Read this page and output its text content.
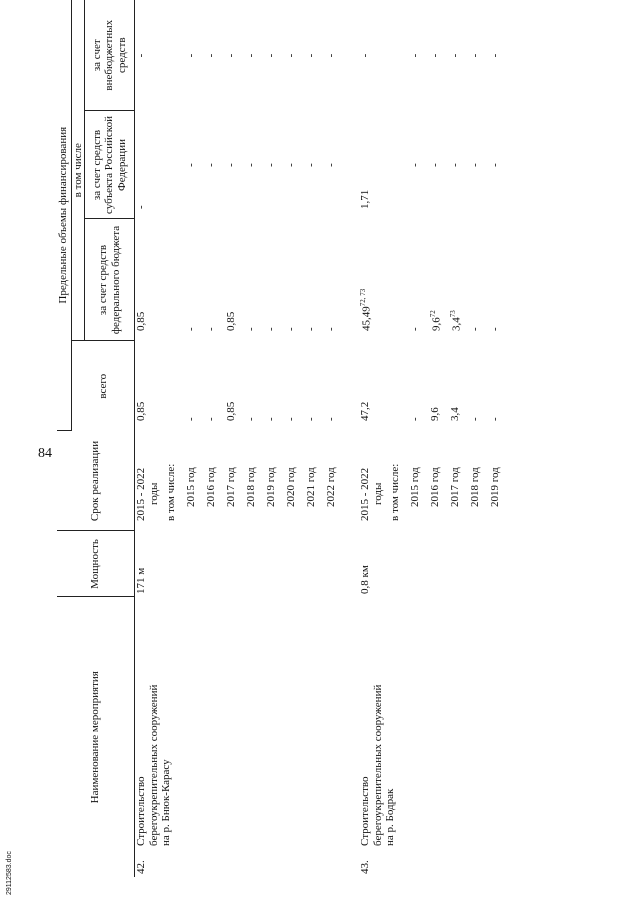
84
29112583.doc
Наименование мероприятия		Мощность	Срок реализации	Предельные объемы финансирования			
				всего	в том числе		
					за счет средств федерального бюджета	за счет средств субъекта Российской Федерации	за счет внебюджетных средств
42.	Строительство берегоукрепительных сооружений на р. Бнюк-Карасу	171 м	2015 - 2022 годы	0,85	0,85	-	-
			в том числе:				
			2015 год	-	-	-	-
			2016 год	-	-	-	-
			2017 год	0,85	0,85	-	-
			2018 год	-	-	-	-
			2019 год	-	-	-	-
			2020 год	-	-	-	-
			2021 год	-	-	-	-
			2022 год	-	-	-	-

43.	Строительство берегоукрепительных сооружений на р. Бодрак	0,8 км	2015 - 2022 годы	47,2	45,49$^{72, 73}$	1,71	-
			в том числе:				
			2015 год	-	-	-	-
			2016 год	9,6	$9,6^{72}$	-	-
			2017 год	3,4	$3,4^{73}$	-	-
			2018 год	-	-	-	-
			2019 год	-	-	-	-
